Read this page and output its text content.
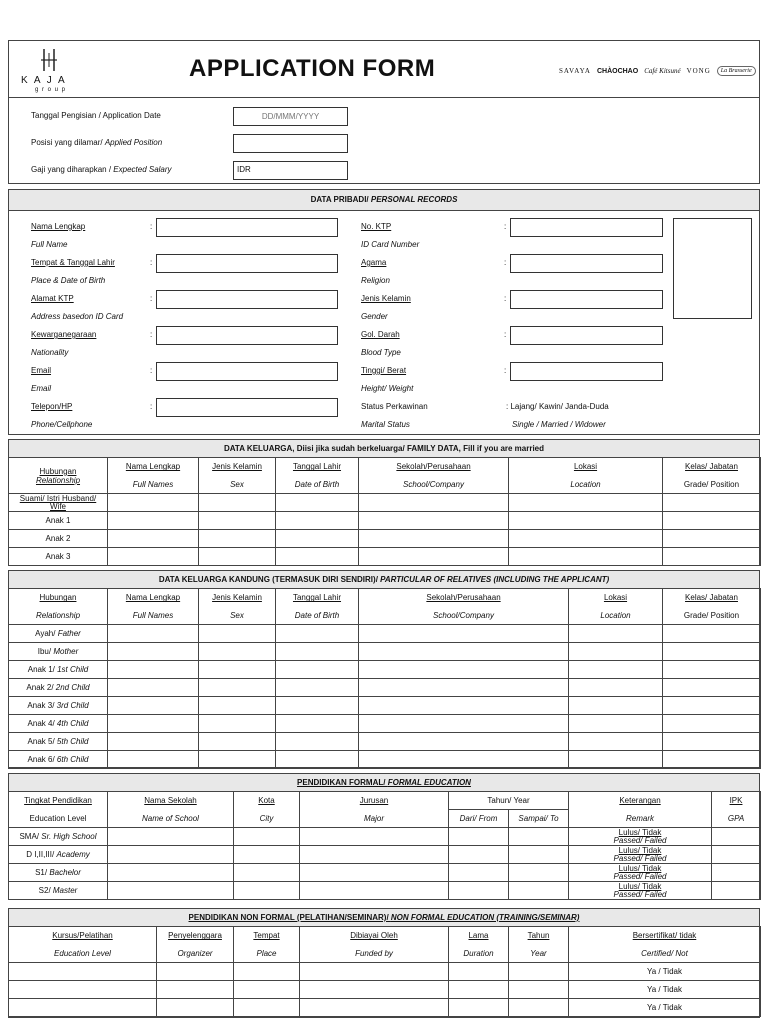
K A J A
g r o u p
APPLICATION FORM	SAVAYA CHÀOCHAO Café Kitsuné VONG	La Brasserie
Tanggal Pengisian / Application Date
DD/MMM/YYYY
Posisi yang dilamar/ Applied Position
Gaji yang diharapkan / Expected Salary	IDR
DATA PRIBADI/ PERSONAL RECORDS
Nama Lengkap	:
Full Name
Tempat & Tanggal Lahir	:
Place & Date of Birth
Alamat KTP	:
Address basedon ID Card
Kewarganegaraan	:
Nationality
Email	:
Email
Telepon/HP	:
Phone/Cellphone
No. KTP	:
ID Card Number
Agama	:
Religion
Jenis Kelamin	:
Gender
Gol. Darah	:
Blood Type
Tinggi/ Berat	:
Height/ Weight
Status Perkawinan	: Lajang/ Kawin/ Janda-Duda
Marital Status	Single / Married / Widower
DATA KELUARGA, Diisi jika sudah berkeluarga/ FAMILY DATA, Fill if you are married
Hubungan
Relationship	Nama Lengkap	Jenis Kelamin	Tanggal Lahir	Sekolah/Perusahaan	Lokasi	Kelas/ Jabatan
	Full Names	Sex	Date of Birth	School/Company	Location	Grade/ Position
Suami/ Istri Husband/ Wife						
Anak 1						
Anak 2						
Anak 3						
DATA KELUARGA KANDUNG (TERMASUK DIRI SENDIRI)/ PARTICULAR OF RELATIVES (INCLUDING THE APPLICANT)
Hubungan	Nama Lengkap	Jenis Kelamin	Tanggal Lahir	Sekolah/Perusahaan	Lokasi	Kelas/ Jabatan
Relationship	Full Names	Sex	Date of Birth	School/Company	Location	Grade/ Position
Ayah/ Father						
Ibu/ Mother						
Anak 1/ 1st Child						
Anak 2/ 2nd Child						
Anak 3/ 3rd Child						
Anak 4/ 4th Child						
Anak 5/ 5th Child						
Anak 6/ 6th Child						
PENDIDIKAN FORMAL/ FORMAL EDUCATION
Tingkat Pendidikan	Nama Sekolah	Kota	Jurusan	Tahun/ Year		Keterangan	IPK
Education Level	Name of School	City	Major	Dari/ From	Sampai/ To	Remark	GPA
SMA/ Sr. High School						Lulus/ Tidak
Passed/ Failed	

D I,II,III/ Academy						Lulus/ Tidak
Passed/ Failed	

S1/ Bachelor						Lulus/ Tidak
Passed/ Failed	

S2/ Master						Lulus/ Tidak
Passed/ Failed	

PENDIDIKAN NON FORMAL (PELATIHAN/SEMINAR)/ NON FORMAL EDUCATION (TRAINING/SEMINAR)
Kursus/Pelatihan	Penyelenggara	Tempat	Dibiayai Oleh	Lama	Tahun	Bersertifikat/ tidak
Education Level	Organizer	Place	Funded by	Duration	Year	Certified/ Not
						Ya / Tidak
						Ya / Tidak
						Ya / Tidak
